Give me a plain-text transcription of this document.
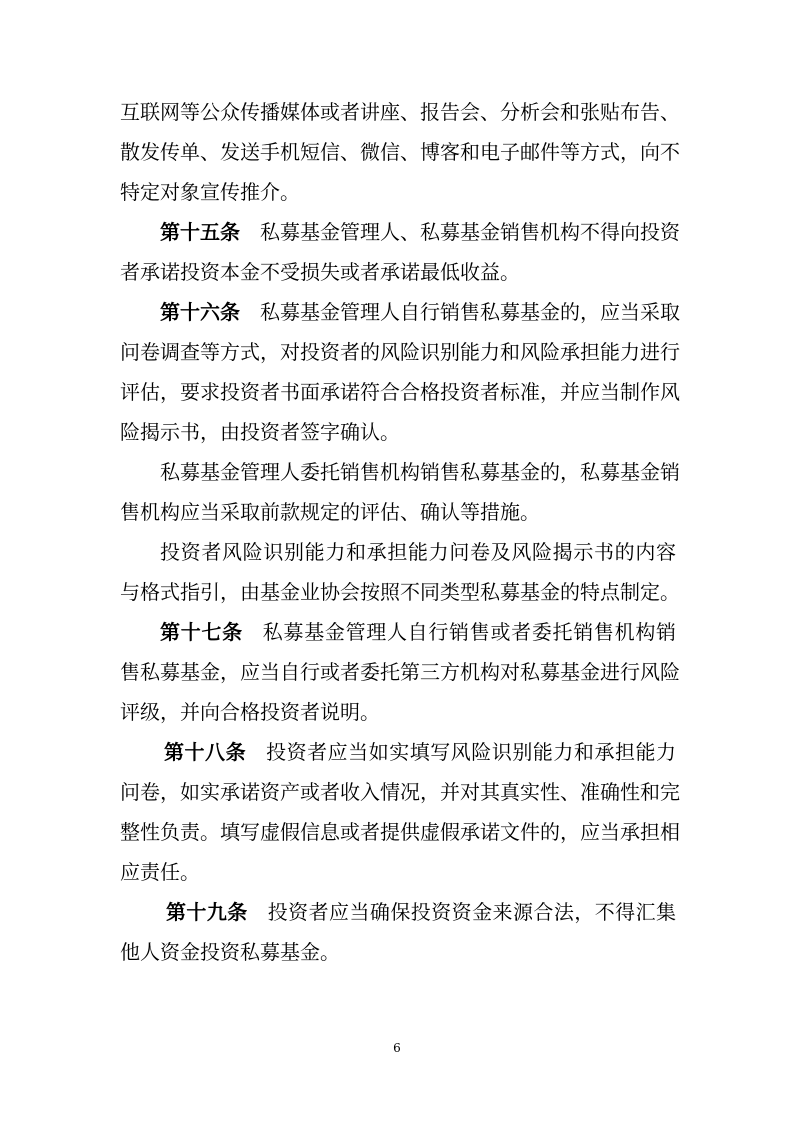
互联网等公众传播媒体或者讲座、报告会、分析会和张贴布告、
散发传单、发送手机短信、微信、博客和电子邮件等方式，向不
特定对象宣传推介。
第十五条 私募基金管理人、私募基金销售机构不得向投资
者承诺投资本金不受损失或者承诺最低收益。
第十六条 私募基金管理人自行销售私募基金的，应当采取
问卷调查等方式，对投资者的风险识别能力和风险承担能力进行
评估，要求投资者书面承诺符合合格投资者标准，并应当制作风
险揭示书，由投资者签字确认。
私募基金管理人委托销售机构销售私募基金的，私募基金销
售机构应当采取前款规定的评估、确认等措施。
投资者风险识别能力和承担能力问卷及风险揭示书的内容
与格式指引，由基金业协会按照不同类型私募基金的特点制定。
第十七条 私募基金管理人自行销售或者委托销售机构销
售私募基金，应当自行或者委托第三方机构对私募基金进行风险
评级，并向合格投资者说明。
第十八条 投资者应当如实填写风险识别能力和承担能力
问卷，如实承诺资产或者收入情况，并对其真实性、准确性和完
整性负责。填写虚假信息或者提供虚假承诺文件的，应当承担相
应责任。
第十九条 投资者应当确保投资资金来源合法，不得汇集
他人资金投资私募基金。
6
